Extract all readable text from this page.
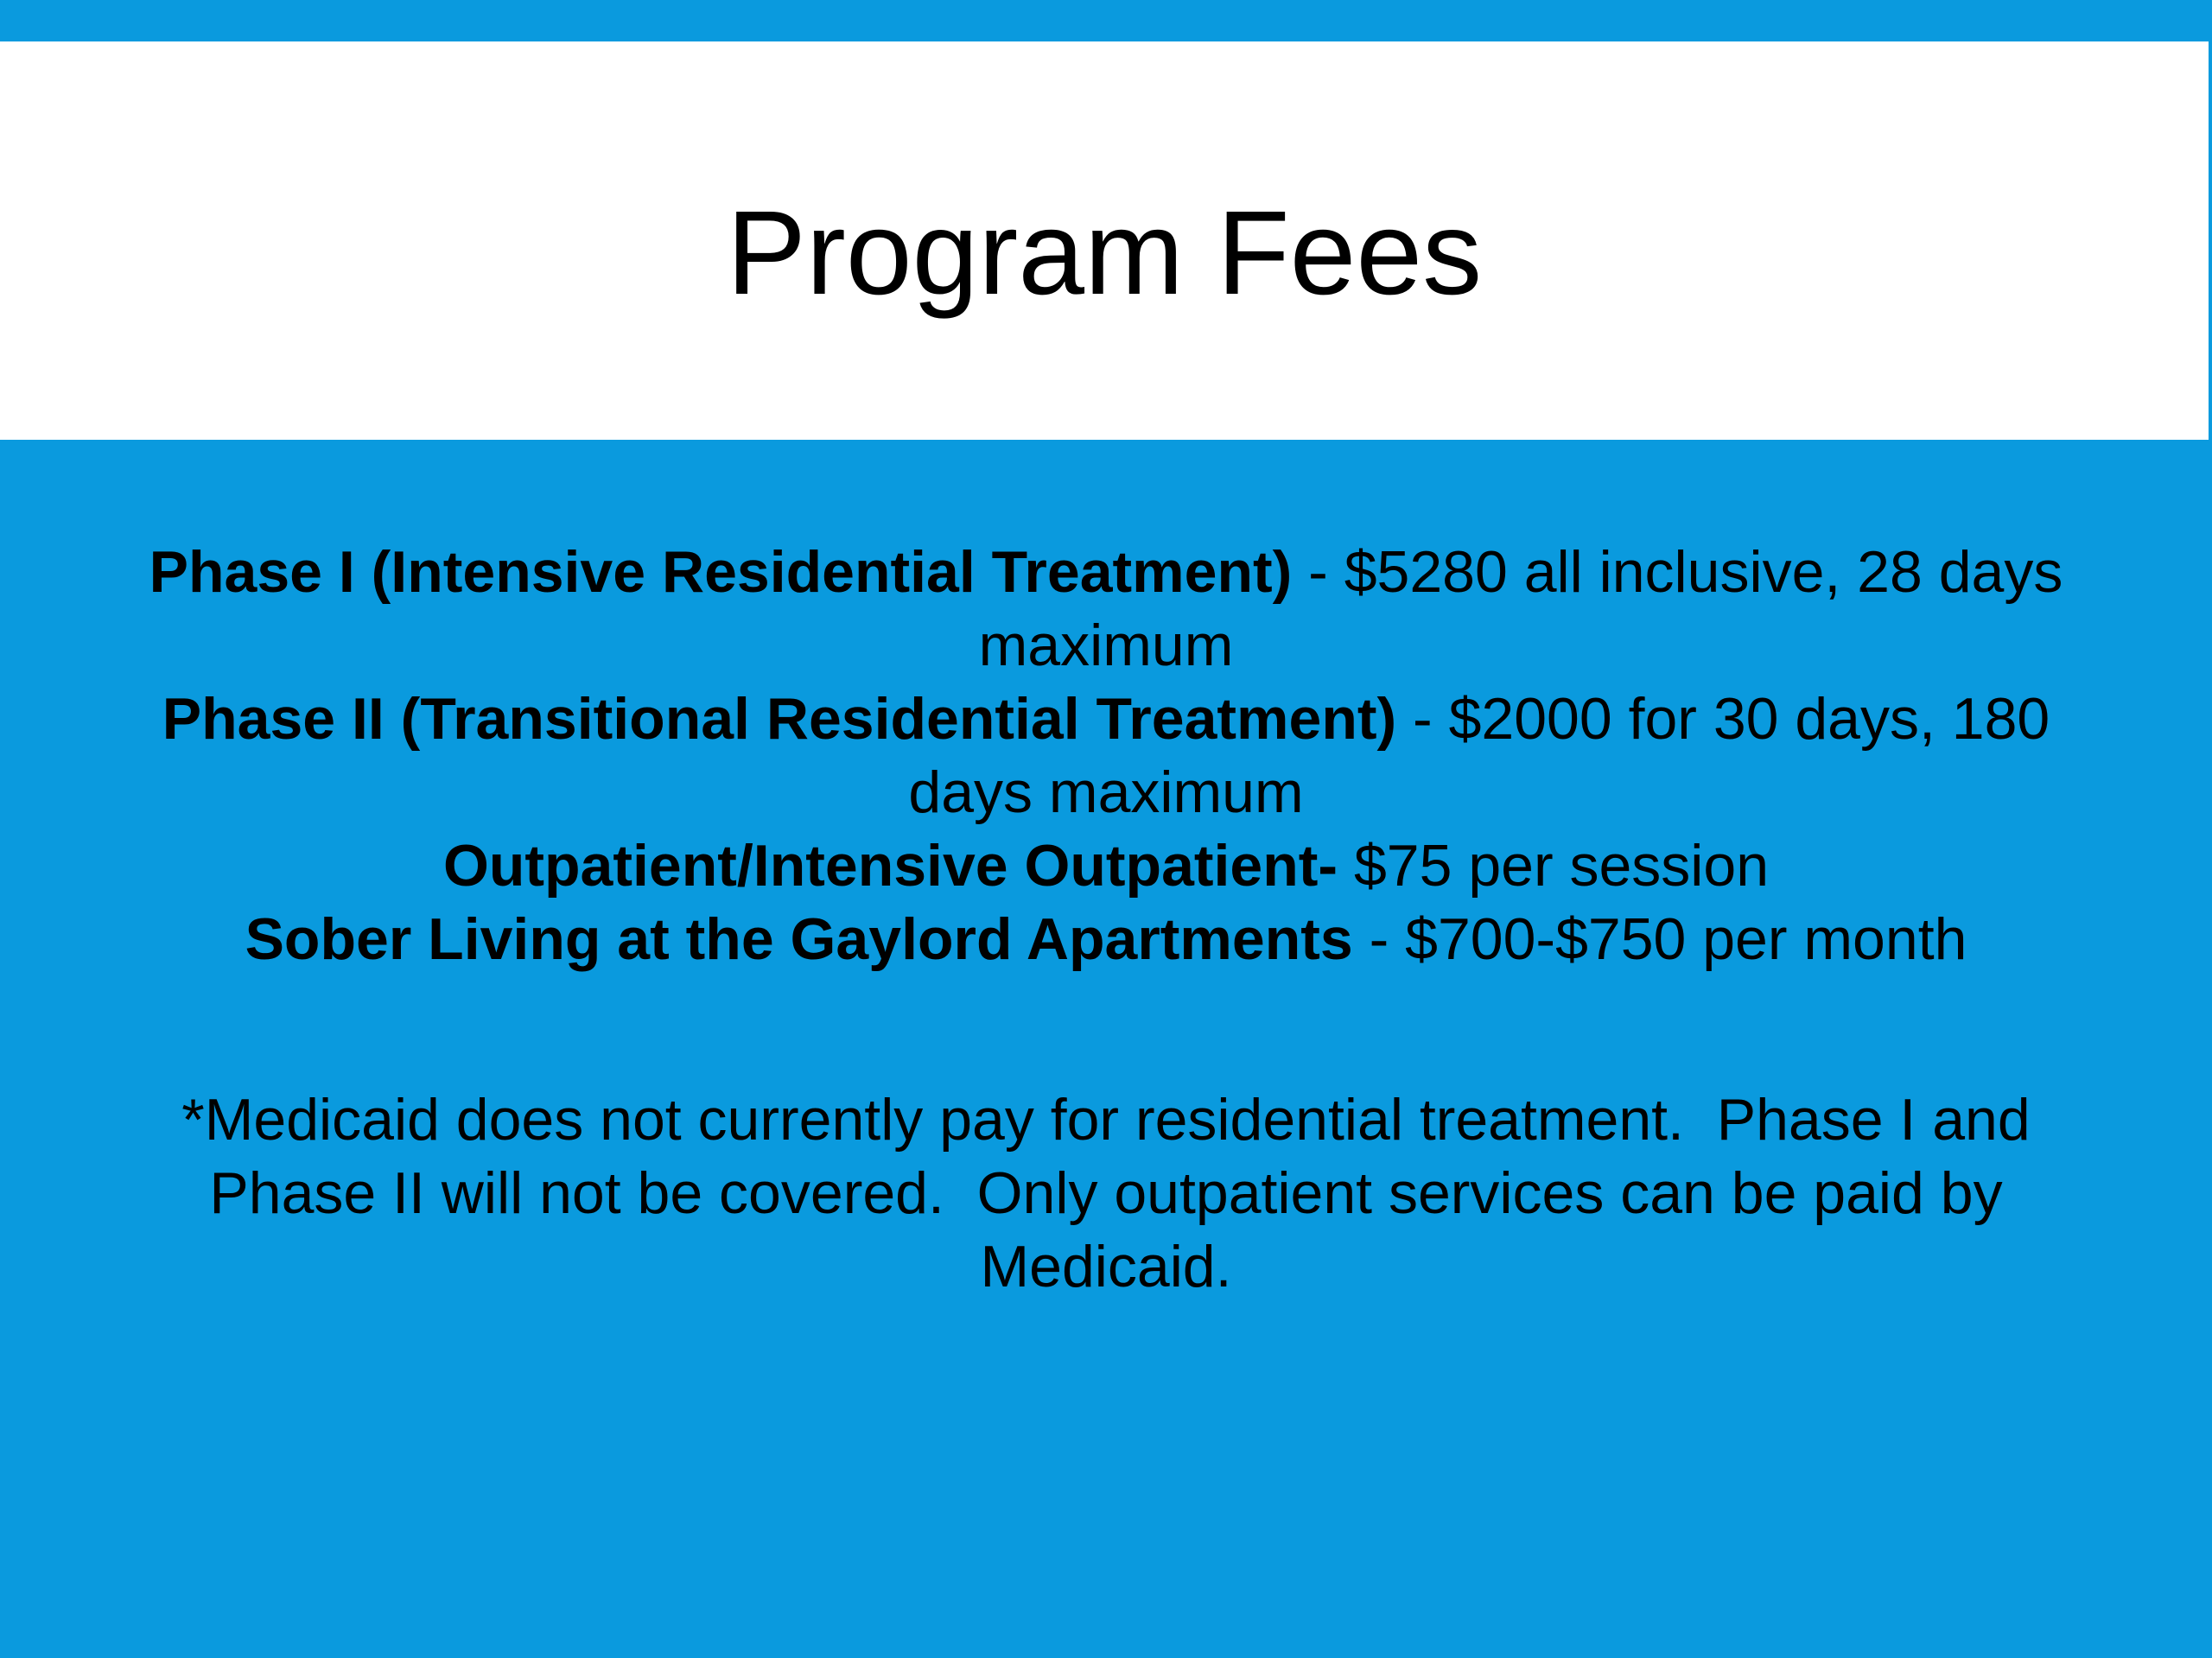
Program Fees

Phase I (Intensive Residential Treatment) - $5280 all inclusive, 28 days maximum

Phase II (Transitional Residential Treatment) - $2000 for 30 days, 180 days maximum

Outpatient/Intensive Outpatient- $75 per session

Sober Living at the Gaylord Apartments - $700-$750 per month

*Medicaid does not currently pay for residential treatment.  Phase I and Phase II will not be covered.  Only outpatient services can be paid by Medicaid.
